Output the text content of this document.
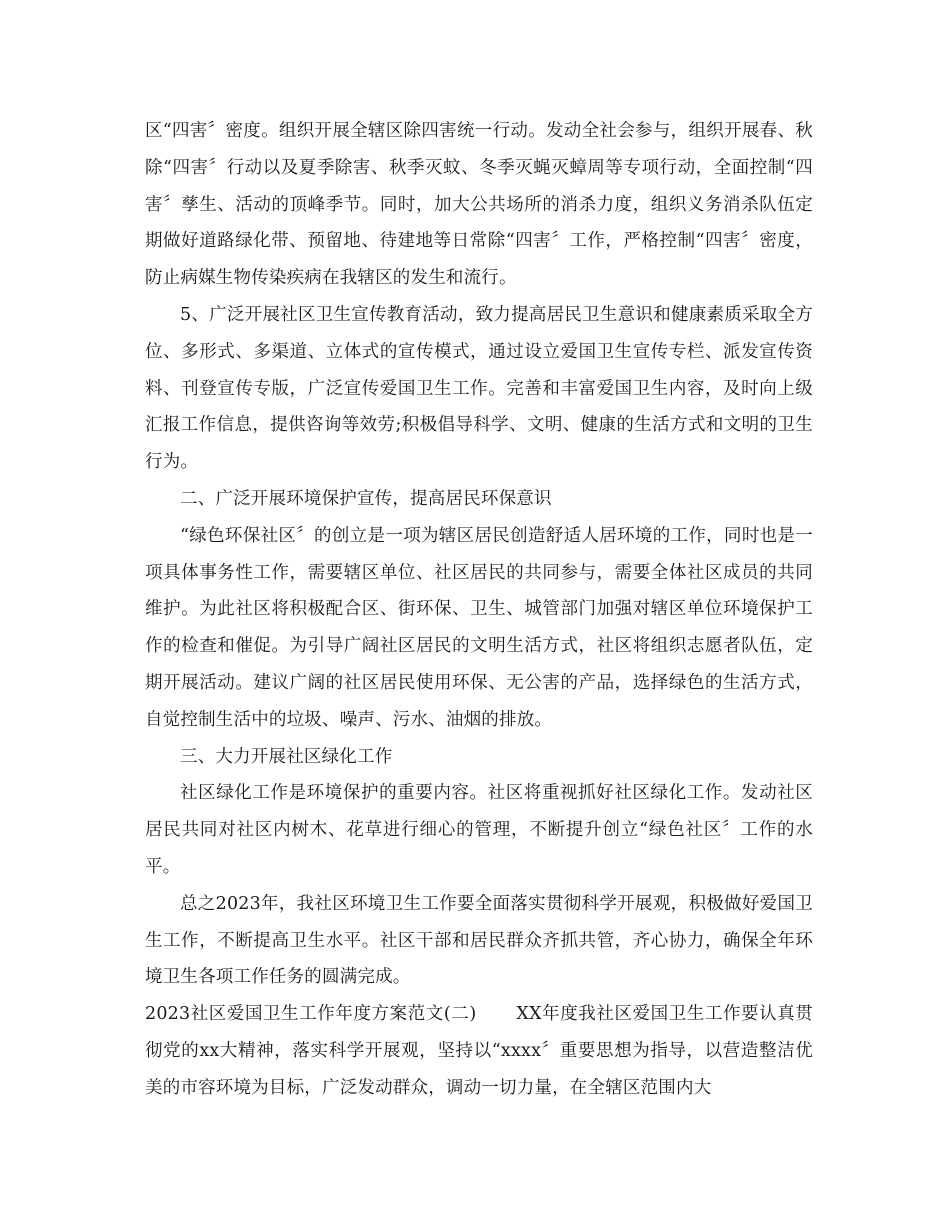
区“四害〞密度。组织开展全辖区除四害统一行动。发动全社会参与，组织开展春、秋除“四害〞行动以及夏季除害、秋季灭蚊、冬季灭蝇灭蟑周等专项行动，全面控制“四害〞孳生、活动的顶峰季节。同时，加大公共场所的消杀力度，组织义务消杀队伍定期做好道路绿化带、预留地、待建地等日常除“四害〞工作，严格控制“四害〞密度，防止病媒生物传染疾病在我辖区的发生和流行。

5、广泛开展社区卫生宣传教育活动，致力提高居民卫生意识和健康素质采取全方位、多形式、多渠道、立体式的宣传模式，通过设立爱国卫生宣传专栏、派发宣传资料、刊登宣传专版，广泛宣传爱国卫生工作。完善和丰富爱国卫生内容，及时向上级汇报工作信息，提供咨询等效劳;积极倡导科学、文明、健康的生活方式和文明的卫生行为。

二、广泛开展环境保护宣传，提高居民环保意识

“绿色环保社区〞的创立是一项为辖区居民创造舒适人居环境的工作，同时也是一项具体事务性工作，需要辖区单位、社区居民的共同参与，需要全体社区成员的共同维护。为此社区将积极配合区、街环保、卫生、城管部门加强对辖区单位环境保护工作的检查和催促。为引导广阔社区居民的文明生活方式，社区将组织志愿者队伍，定期开展活动。建议广阔的社区居民使用环保、无公害的产品，选择绿色的生活方式，自觉控制生活中的垃圾、噪声、污水、油烟的排放。

三、大力开展社区绿化工作

社区绿化工作是环境保护的重要内容。社区将重视抓好社区绿化工作。发动社区居民共同对社区内树木、花草进行细心的管理，不断提升创立“绿色社区〞工作的水平。

总之2023年，我社区环境卫生工作要全面落实贯彻科学开展观，积极做好爱国卫生工作，不断提高卫生水平。社区干部和居民群众齐抓共管，齐心协力，确保全年环境卫生各项工作任务的圆满完成。

2023社区爱国卫生工作年度方案范文(二) XX年度我社区爱国卫生工作要认真贯彻党的xx大精神，落实科学开展观，坚持以“xxxx〞重要思想为指导，以营造整洁优美的市容环境为目标，广泛发动群众，调动一切力量，在全辖区范围内大
